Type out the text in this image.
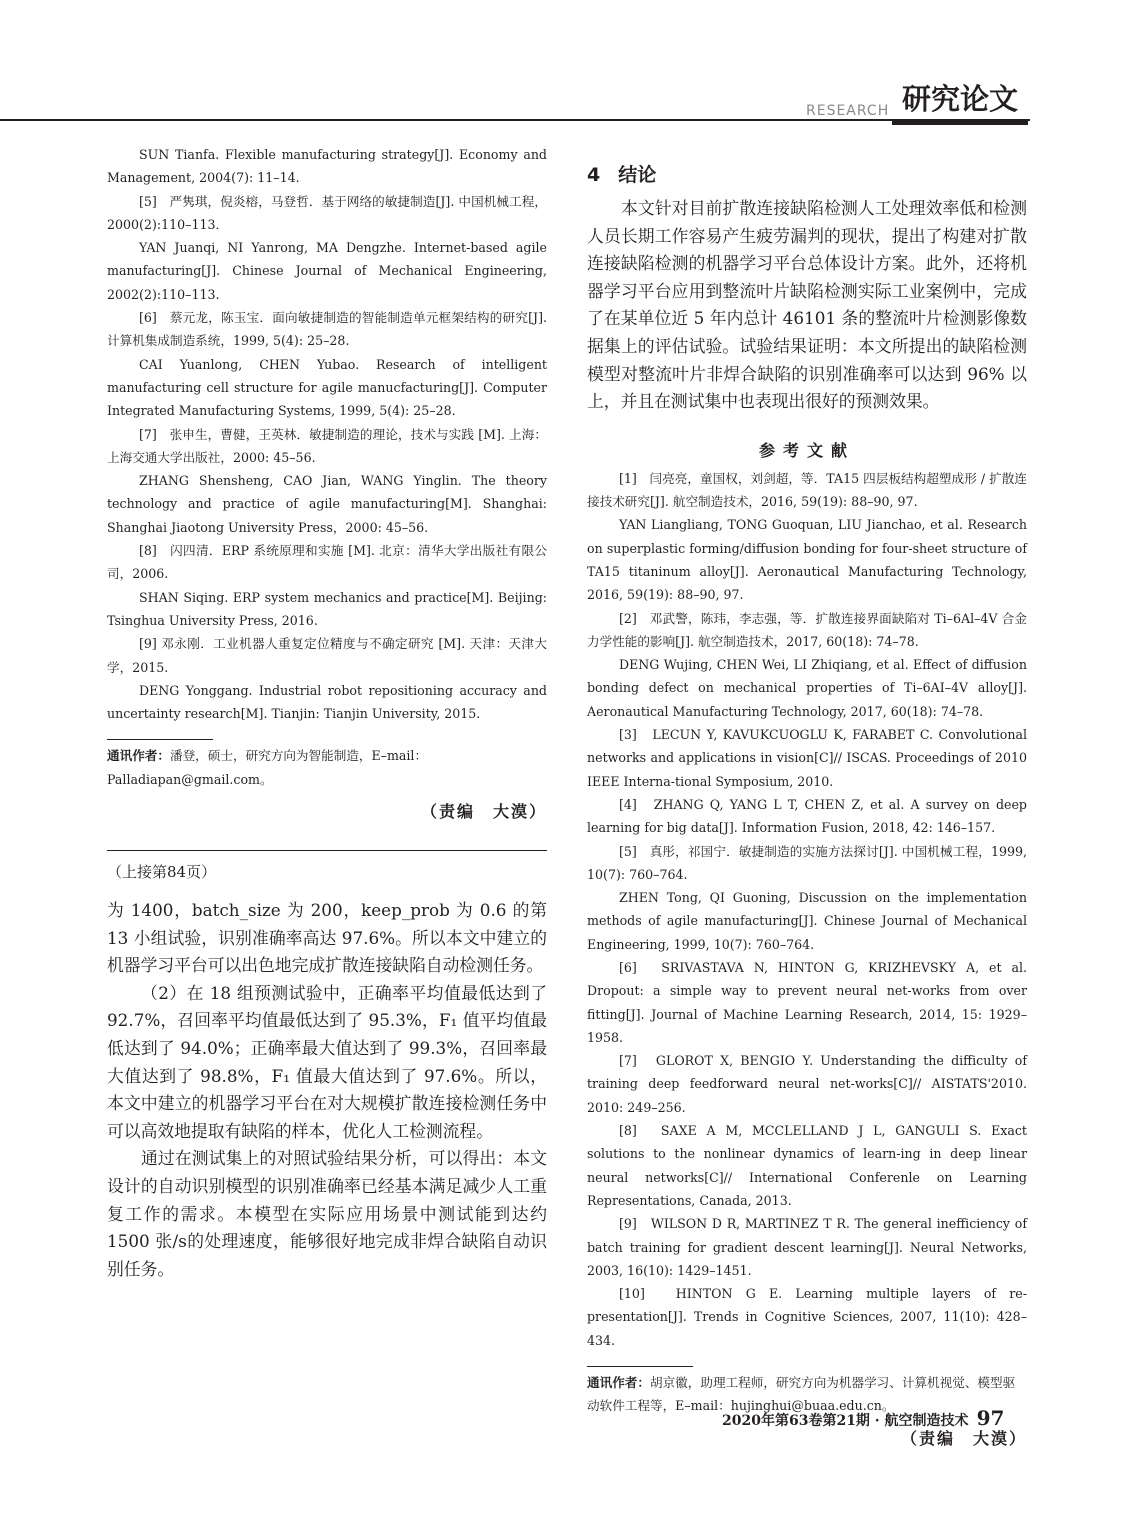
RESEARCH 研究论文

SUN Tianfa. Flexible manufacturing strategy[J]. Economy and Management, 2004(7): 11–14.

[5]　严隽琪，倪炎榕，马登哲．基于网络的敏捷制造[J]. 中国机械工程，2000(2):110–113．

YAN Juanqi, NI Yanrong, MA Dengzhe. Internet-based agile manufacturing[J]. Chinese Journal of Mechanical Engineering, 2002(2):110–113.

[6]　蔡元龙，陈玉宝．面向敏捷制造的智能制造单元框架结构的研究[J]. 计算机集成制造系统，1999, 5(4): 25–28.

CAI Yuanlong, CHEN Yubao. Research of intelligent manufacturing cell structure for agile manucfacturing[J]. Computer Integrated Manufacturing Systems, 1999, 5(4): 25–28.

[7]　张申生，曹健，王英林．敏捷制造的理论，技术与实践 [M]. 上海：上海交通大学出版社，2000: 45–56.

ZHANG Shensheng, CAO Jian, WANG Yinglin. The theory technology and practice of agile manufacturing[M]. Shanghai: Shanghai Jiaotong University Press，2000: 45–56.

[8]　闪四清．ERP 系统原理和实施 [M]. 北京：清华大学出版社有限公司，2006.

SHAN Siqing. ERP system mechanics and practice[M]. Beijing: Tsinghua University Press, 2016.

[9] 邓永刚．工业机器人重复定位精度与不确定研究 [M]. 天津：天津大学，2015.

DENG Yonggang. Industrial robot repositioning accuracy and uncertainty research[M]. Tianjin: Tianjin University, 2015.

通讯作者：潘登，硕士，研究方向为智能制造，E–mail：Palladiapan@gmail.com。

（责编　大漠）
（上接第84页）

为 1400，batch_size 为 200，keep_prob 为 0.6 的第 13 小组试验，识别准确率高达 97.6%。所以本文中建立的机器学习平台可以出色地完成扩散连接缺陷自动检测任务。

（2）在 18 组预测试验中，正确率平均值最低达到了 92.7%，召回率平均值最低达到了 95.3%，F₁ 值平均值最低达到了 94.0%；正确率最大值达到了 99.3%，召回率最大值达到了 98.8%，F₁ 值最大值达到了 97.6%。所以，本文中建立的机器学习平台在对大规模扩散连接检测任务中可以高效地提取有缺陷的样本，优化人工检测流程。

通过在测试集上的对照试验结果分析，可以得出：本文设计的自动识别模型的识别准确率已经基本满足减少人工重复工作的需求。本模型在实际应用场景中测试能到达约 1500 张/s的处理速度，能够很好地完成非焊合缺陷自动识别任务。

4 结论

本文针对目前扩散连接缺陷检测人工处理效率低和检测人员长期工作容易产生疲劳漏判的现状，提出了构建对扩散连接缺陷检测的机器学习平台总体设计方案。此外，还将机器学习平台应用到整流叶片缺陷检测实际工业案例中，完成了在某单位近 5 年内总计 46101 条的整流叶片检测影像数据集上的评估试验。试验结果证明：本文所提出的缺陷检测模型对整流叶片非焊合缺陷的识别准确率可以达到 96% 以上，并且在测试集中也表现出很好的预测效果。

参考文献

[1]　闫亮亮，童国权，刘剑超，等．TA15 四层板结构超塑成形 / 扩散连接技术研究[J]. 航空制造技术，2016, 59(19): 88–90, 97.

YAN Liangliang, TONG Guoquan, LIU Jianchao, et al. Research on superplastic forming/diffusion bonding for four-sheet structure of TA15 titaninum alloy[J]. Aeronautical Manufacturing Technology, 2016, 59(19): 88–90, 97.

[2]　邓武警，陈玮，李志强，等．扩散连接界面缺陷对 Ti–6Al–4V 合金力学性能的影响[J]. 航空制造技术，2017, 60(18): 74–78.

DENG Wujing, CHEN Wei, LI Zhiqiang, et al. Effect of diffusion bonding defect on mechanical properties of Ti–6AI–4V alloy[J]. Aeronautical Manufacturing Technology, 2017, 60(18): 74–78.

[3]　LECUN Y, KAVUKCUOGLU K, FARABET C. Convolutional networks and applications in vision[C]// ISCAS. Proceedings of 2010 IEEE Interna-tional Symposium, 2010.

[4]　ZHANG Q, YANG L T, CHEN Z, et al. A survey on deep learning for big data[J]. Information Fusion, 2018, 42: 146–157.

[5]　真彤，祁国宁．敏捷制造的实施方法探讨[J]. 中国机械工程，1999, 10(7): 760–764.

ZHEN Tong, QI Guoning, Discussion on the implementation methods of agile manufacturing[J]. Chinese Journal of Mechanical Engineering, 1999, 10(7): 760–764.

[6]　SRIVASTAVA N, HINTON G, KRIZHEVSKY A, et al. Dropout: a simple way to prevent neural net-works from over fitting[J]. Journal of Machine Learning Research, 2014, 15: 1929–1958.

[7]　GLOROT X, BENGIO Y. Understanding the difficulty of training deep feedforward neural net-works[C]// AISTATS'2010. 2010: 249–256.

[8]　SAXE A M, MCCLELLAND J L, GANGULI S. Exact solutions to the nonlinear dynamics of learn-ing in deep linear neural networks[C]// International Conferenle on Learning Representations, Canada, 2013.

[9]　WILSON D R, MARTINEZ T R. The general inefficiency of batch training for gradient descent learning[J]. Neural Networks, 2003, 16(10): 1429–1451.

[10]　HINTON G E. Learning multiple layers of re-presentation[J]. Trends in Cognitive Sciences, 2007, 11(10): 428–434.

通讯作者：胡京徽，助理工程师，研究方向为机器学习、计算机视觉、模型驱动软件工程等，E–mail：hujinghui@buaa.edu.cn。

（责编　大漠）
2020年第63卷第21期 · 航空制造技术 97
